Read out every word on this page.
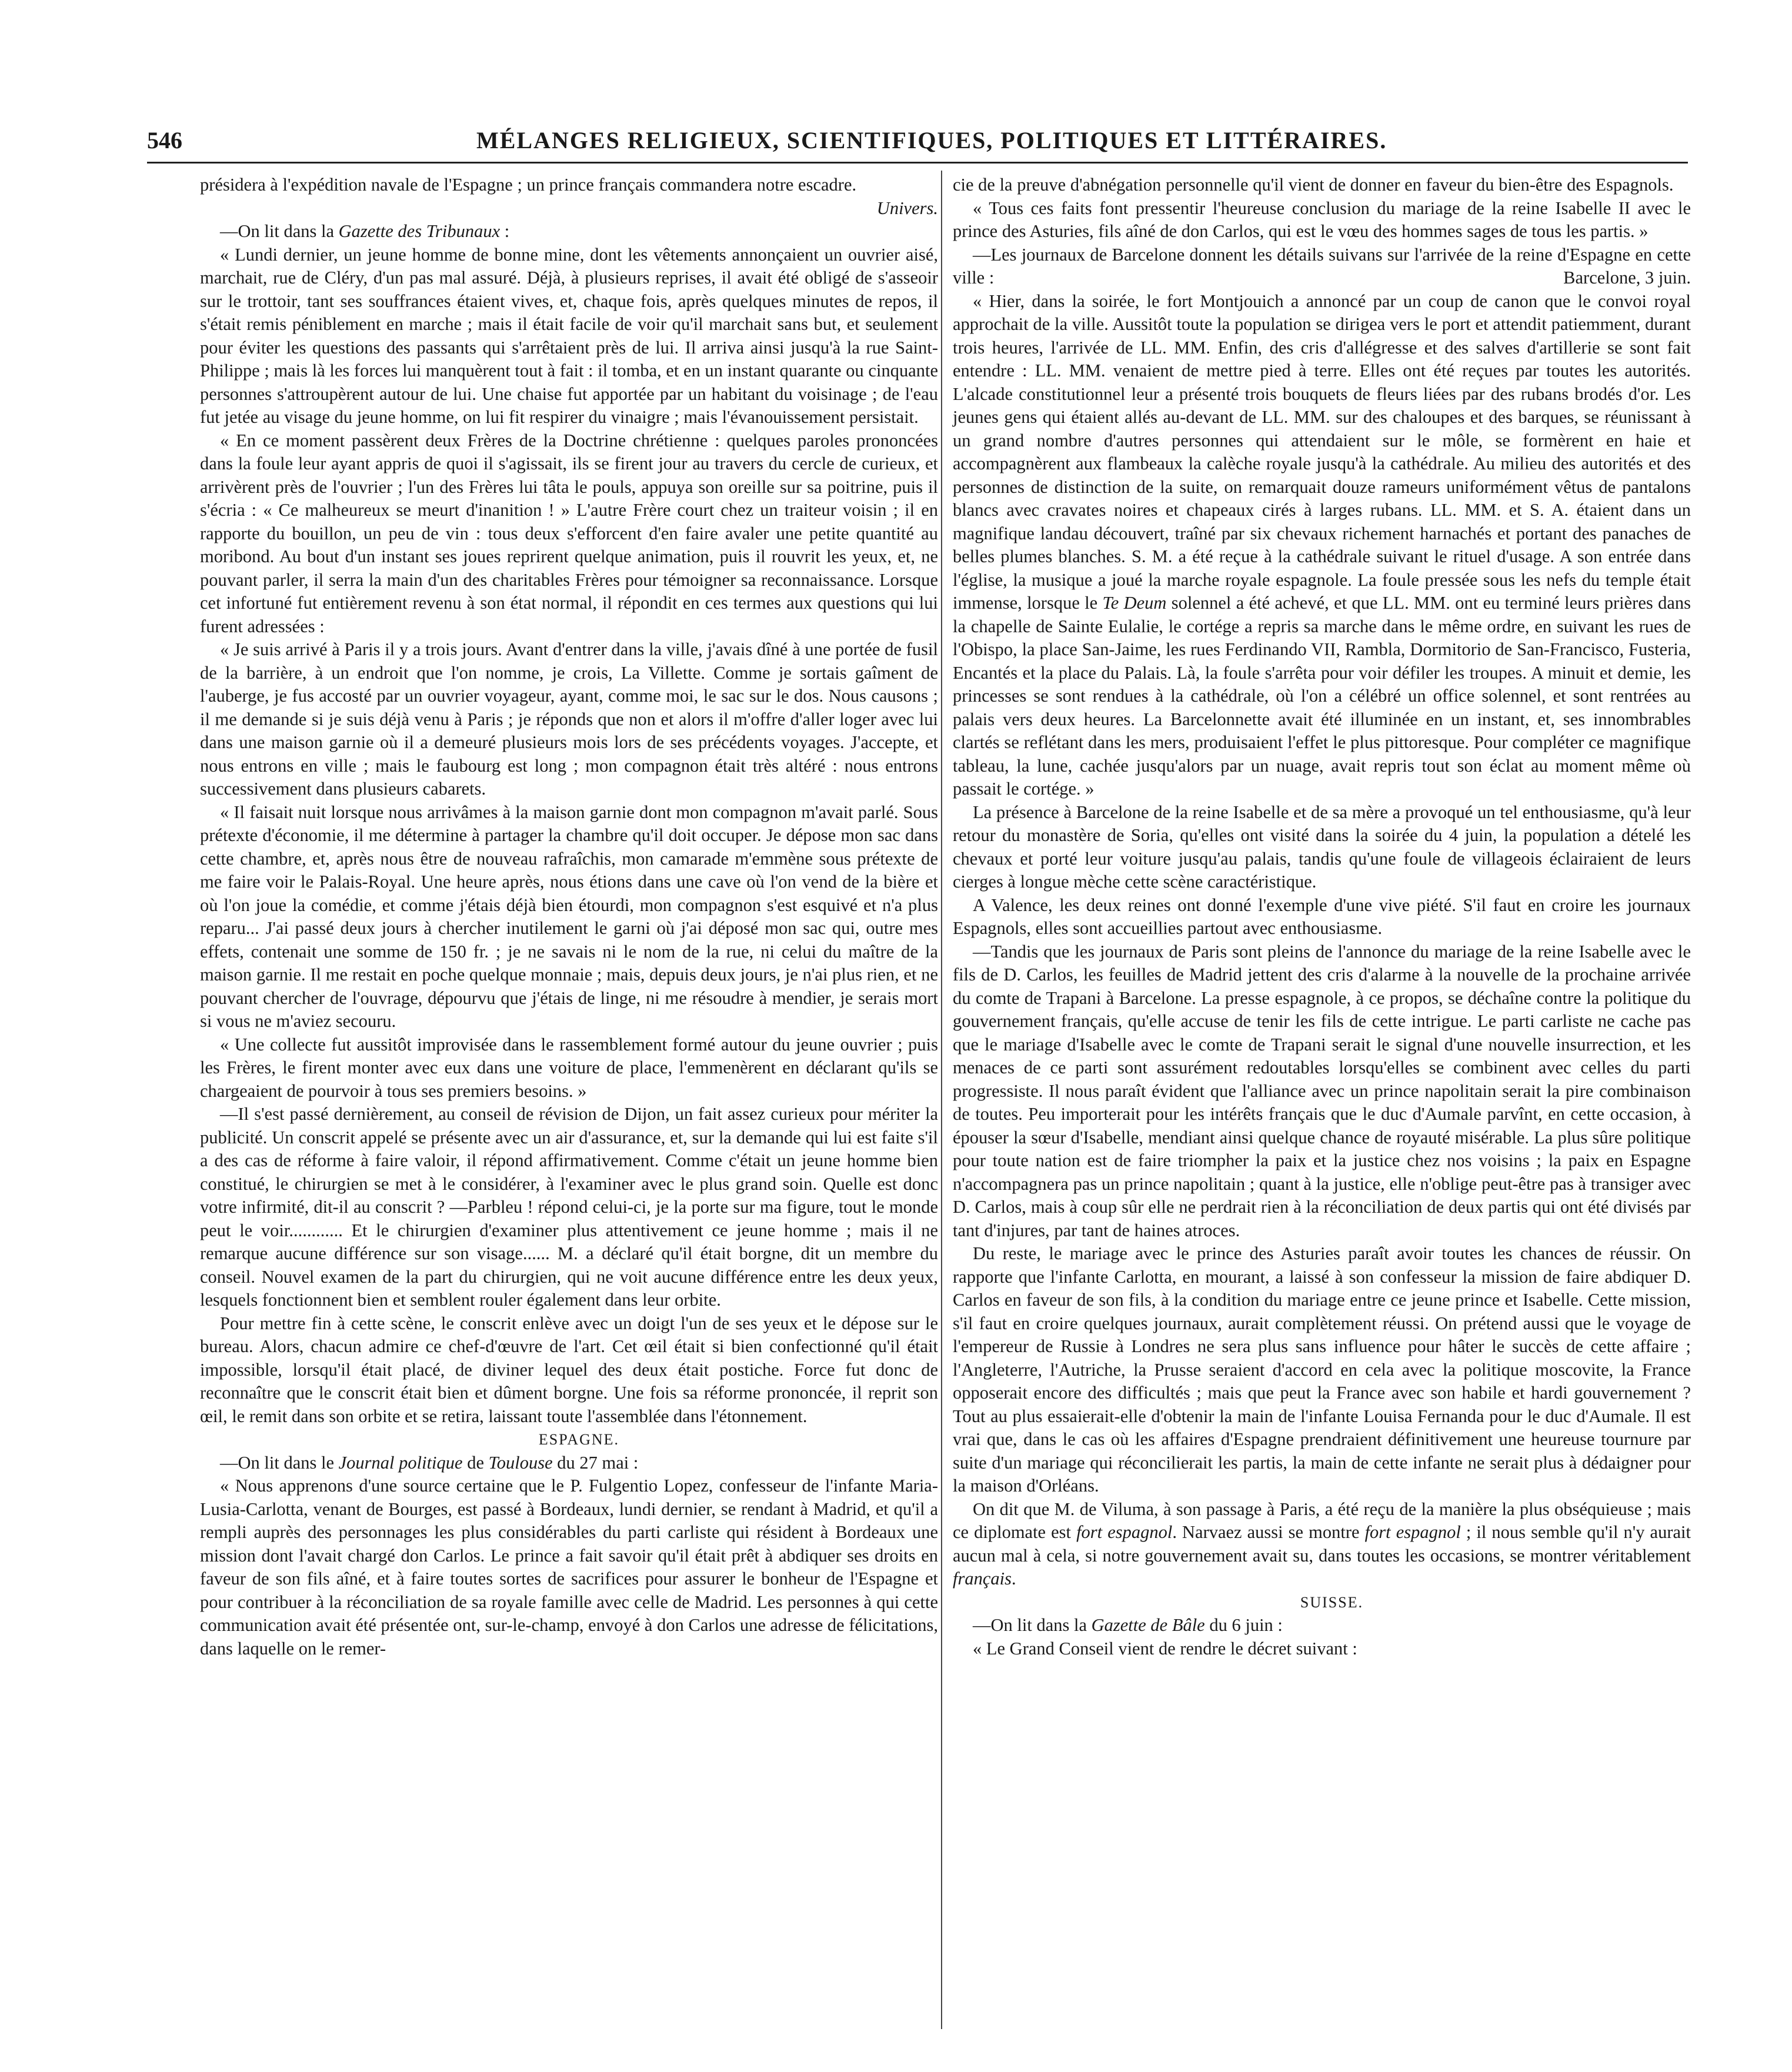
546	MÉLANGES RELIGIEUX, SCIENTIFIQUES, POLITIQUES ET LITTÉRAIRES.

présidera à l'expédition navale de l'Espagne ; un prince français commandera notre escadre.
Univers.

—On lit dans la Gazette des Tribunaux :

« Lundi dernier, un jeune homme de bonne mine, dont les vêtements annonçaient un ouvrier aisé, marchait, rue de Cléry, d'un pas mal assuré. Déjà, à plusieurs reprises, il avait été obligé de s'asseoir sur le trottoir, tant ses souffrances étaient vives, et, chaque fois, après quelques minutes de repos, il s'était remis péniblement en marche ; mais il était facile de voir qu'il marchait sans but, et seulement pour éviter les questions des passants qui s'arrêtaient près de lui. Il arriva ainsi jusqu'à la rue Saint-Philippe ; mais là les forces lui manquèrent tout à fait : il tomba, et en un instant quarante ou cinquante personnes s'attroupèrent autour de lui. Une chaise fut apportée par un habitant du voisinage ; de l'eau fut jetée au visage du jeune homme, on lui fit respirer du vinaigre ; mais l'évanouissement persistait.

« En ce moment passèrent deux Frères de la Doctrine chrétienne : quelques paroles prononcées dans la foule leur ayant appris de quoi il s'agissait, ils se firent jour au travers du cercle de curieux, et arrivèrent près de l'ouvrier ; l'un des Frères lui tâta le pouls, appuya son oreille sur sa poitrine, puis il s'écria : « Ce malheureux se meurt d'inanition ! » L'autre Frère court chez un traiteur voisin ; il en rapporte du bouillon, un peu de vin : tous deux s'efforcent d'en faire avaler une petite quantité au moribond. Au bout d'un instant ses joues reprirent quelque animation, puis il rouvrit les yeux, et, ne pouvant parler, il serra la main d'un des charitables Frères pour témoigner sa reconnaissance. Lorsque cet infortuné fut entièrement revenu à son état normal, il répondit en ces termes aux questions qui lui furent adressées :

« Je suis arrivé à Paris il y a trois jours. Avant d'entrer dans la ville, j'avais dîné à une portée de fusil de la barrière, à un endroit que l'on nomme, je crois, La Villette. Comme je sortais gaîment de l'auberge, je fus accosté par un ouvrier voyageur, ayant, comme moi, le sac sur le dos. Nous causons ; il me demande si je suis déjà venu à Paris ; je réponds que non et alors il m'offre d'aller loger avec lui dans une maison garnie où il a demeuré plusieurs mois lors de ses précédents voyages. J'accepte, et nous entrons en ville ; mais le faubourg est long ; mon compagnon était très altéré : nous entrons successivement dans plusieurs cabarets.

« Il faisait nuit lorsque nous arrivâmes à la maison garnie dont mon compagnon m'avait parlé. Sous prétexte d'économie, il me détermine à partager la chambre qu'il doit occuper. Je dépose mon sac dans cette chambre, et, après nous être de nouveau rafraîchis, mon camarade m'emmène sous prétexte de me faire voir le Palais-Royal. Une heure après, nous étions dans une cave où l'on vend de la bière et où l'on joue la comédie, et comme j'étais déjà bien étourdi, mon compagnon s'est esquivé et n'a plus reparu... J'ai passé deux jours à chercher inutilement le garni où j'ai déposé mon sac qui, outre mes effets, contenait une somme de 150 fr. ; je ne savais ni le nom de la rue, ni celui du maître de la maison garnie. Il me restait en poche quelque monnaie ; mais, depuis deux jours, je n'ai plus rien, et ne pouvant chercher de l'ouvrage, dépourvu que j'étais de linge, ni me résoudre à mendier, je serais mort si vous ne m'aviez secouru.

« Une collecte fut aussitôt improvisée dans le rassemblement formé autour du jeune ouvrier ; puis les Frères, le firent monter avec eux dans une voiture de place, l'emmenèrent en déclarant qu'ils se chargeaient de pourvoir à tous ses premiers besoins. »

—Il s'est passé dernièrement, au conseil de révision de Dijon, un fait assez curieux pour mériter la publicité. Un conscrit appelé se présente avec un air d'assurance, et, sur la demande qui lui est faite s'il a des cas de réforme à faire valoir, il répond affirmativement. Comme c'était un jeune homme bien constitué, le chirurgien se met à le considérer, à l'examiner avec le plus grand soin. Quelle est donc votre infirmité, dit-il au conscrit ? —Parbleu ! répond celui-ci, je la porte sur ma figure, tout le monde peut le voir............ Et le chirurgien d'examiner plus attentivement ce jeune homme ; mais il ne remarque aucune différence sur son visage...... M. a déclaré qu'il était borgne, dit un membre du conseil. Nouvel examen de la part du chirurgien, qui ne voit aucune différence entre les deux yeux, lesquels fonctionnent bien et semblent rouler également dans leur orbite.

Pour mettre fin à cette scène, le conscrit enlève avec un doigt l'un de ses yeux et le dépose sur le bureau. Alors, chacun admire ce chef-d'œuvre de l'art. Cet œil était si bien confectionné qu'il était impossible, lorsqu'il était placé, de diviner lequel des deux était postiche. Force fut donc de reconnaître que le conscrit était bien et dûment borgne. Une fois sa réforme prononcée, il reprit son œil, le remit dans son orbite et se retira, laissant toute l'assemblée dans l'étonnement.

ESPAGNE.

—On lit dans le Journal politique de Toulouse du 27 mai :

« Nous apprenons d'une source certaine que le P. Fulgentio Lopez, confesseur de l'infante Maria-Lusia-Carlotta, venant de Bourges, est passé à Bordeaux, lundi dernier, se rendant à Madrid, et qu'il a rempli auprès des personnages les plus considérables du parti carliste qui résident à Bordeaux une mission dont l'avait chargé don Carlos. Le prince a fait savoir qu'il était prêt à abdiquer ses droits en faveur de son fils aîné, et à faire toutes sortes de sacrifices pour assurer le bonheur de l'Espagne et pour contribuer à la réconciliation de sa royale famille avec celle de Madrid. Les personnes à qui cette communication avait été présentée ont, sur-le-champ, envoyé à don Carlos une adresse de félicitations, dans laquelle on le remer-

cie de la preuve d'abnégation personnelle qu'il vient de donner en faveur du bien-être des Espagnols.

« Tous ces faits font pressentir l'heureuse conclusion du mariage de la reine Isabelle II avec le prince des Asturies, fils aîné de don Carlos, qui est le vœu des hommes sages de tous les partis. »

—Les journaux de Barcelone donnent les détails suivans sur l'arrivée de la reine d'Espagne en cette ville :	Barcelone, 3 juin.

« Hier, dans la soirée, le fort Montjouich a annoncé par un coup de canon que le convoi royal approchait de la ville. Aussitôt toute la population se dirigea vers le port et attendit patiemment, durant trois heures, l'arrivée de LL. MM. Enfin, des cris d'allégresse et des salves d'artillerie se sont fait entendre : LL. MM. venaient de mettre pied à terre. Elles ont été reçues par toutes les autorités. L'alcade constitutionnel leur a présenté trois bouquets de fleurs liées par des rubans brodés d'or. Les jeunes gens qui étaient allés au-devant de LL. MM. sur des chaloupes et des barques, se réunissant à un grand nombre d'autres personnes qui attendaient sur le môle, se formèrent en haie et accompagnèrent aux flambeaux la calèche royale jusqu'à la cathédrale. Au milieu des autorités et des personnes de distinction de la suite, on remarquait douze rameurs uniformément vêtus de pantalons blancs avec cravates noires et chapeaux cirés à larges rubans. LL. MM. et S. A. étaient dans un magnifique landau découvert, traîné par six chevaux richement harnachés et portant des panaches de belles plumes blanches. S. M. a été reçue à la cathédrale suivant le rituel d'usage. A son entrée dans l'église, la musique a joué la marche royale espagnole. La foule pressée sous les nefs du temple était immense, lorsque le Te Deum solennel a été achevé, et que LL. MM. ont eu terminé leurs prières dans la chapelle de Sainte Eulalie, le cortége a repris sa marche dans le même ordre, en suivant les rues de l'Obispo, la place San-Jaime, les rues Ferdinando VII, Rambla, Dormitorio de San-Francisco, Fusteria, Encantés et la place du Palais. Là, la foule s'arrêta pour voir défiler les troupes. A minuit et demie, les princesses se sont rendues à la cathédrale, où l'on a célébré un office solennel, et sont rentrées au palais vers deux heures. La Barcelonnette avait été illuminée en un instant, et, ses innombrables clartés se reflétant dans les mers, produisaient l'effet le plus pittoresque. Pour compléter ce magnifique tableau, la lune, cachée jusqu'alors par un nuage, avait repris tout son éclat au moment même où passait le cortége. »

La présence à Barcelone de la reine Isabelle et de sa mère a provoqué un tel enthousiasme, qu'à leur retour du monastère de Soria, qu'elles ont visité dans la soirée du 4 juin, la population a dételé les chevaux et porté leur voiture jusqu'au palais, tandis qu'une foule de villageois éclairaient de leurs cierges à longue mèche cette scène caractéristique.

A Valence, les deux reines ont donné l'exemple d'une vive piété. S'il faut en croire les journaux Espagnols, elles sont accueillies partout avec enthousiasme.

—Tandis que les journaux de Paris sont pleins de l'annonce du mariage de la reine Isabelle avec le fils de D. Carlos, les feuilles de Madrid jettent des cris d'alarme à la nouvelle de la prochaine arrivée du comte de Trapani à Barcelone. La presse espagnole, à ce propos, se déchaîne contre la politique du gouvernement français, qu'elle accuse de tenir les fils de cette intrigue. Le parti carliste ne cache pas que le mariage d'Isabelle avec le comte de Trapani serait le signal d'une nouvelle insurrection, et les menaces de ce parti sont assurément redoutables lorsqu'elles se combinent avec celles du parti progressiste. Il nous paraît évident que l'alliance avec un prince napolitain serait la pire combinaison de toutes. Peu importerait pour les intérêts français que le duc d'Aumale parvînt, en cette occasion, à épouser la sœur d'Isabelle, mendiant ainsi quelque chance de royauté misérable. La plus sûre politique pour toute nation est de faire triompher la paix et la justice chez nos voisins ; la paix en Espagne n'accompagnera pas un prince napolitain ; quant à la justice, elle n'oblige peut-être pas à transiger avec D. Carlos, mais à coup sûr elle ne perdrait rien à la réconciliation de deux partis qui ont été divisés par tant d'injures, par tant de haines atroces.

Du reste, le mariage avec le prince des Asturies paraît avoir toutes les chances de réussir. On rapporte que l'infante Carlotta, en mourant, a laissé à son confesseur la mission de faire abdiquer D. Carlos en faveur de son fils, à la condition du mariage entre ce jeune prince et Isabelle. Cette mission, s'il faut en croire quelques journaux, aurait complètement réussi. On prétend aussi que le voyage de l'empereur de Russie à Londres ne sera plus sans influence pour hâter le succès de cette affaire ; l'Angleterre, l'Autriche, la Prusse seraient d'accord en cela avec la politique moscovite, la France opposerait encore des difficultés ; mais que peut la France avec son habile et hardi gouvernement ? Tout au plus essaierait-elle d'obtenir la main de l'infante Louisa Fernanda pour le duc d'Aumale. Il est vrai que, dans le cas où les affaires d'Espagne prendraient définitivement une heureuse tournure par suite d'un mariage qui réconcilierait les partis, la main de cette infante ne serait plus à dédaigner pour la maison d'Orléans.

On dit que M. de Viluma, à son passage à Paris, a été reçu de la manière la plus obséquieuse ; mais ce diplomate est fort espagnol. Narvaez aussi se montre fort espagnol ; il nous semble qu'il n'y aurait aucun mal à cela, si notre gouvernement avait su, dans toutes les occasions, se montrer véritablement français.

SUISSE.

—On lit dans la Gazette de Bâle du 6 juin :

« Le Grand Conseil vient de rendre le décret suivant :
